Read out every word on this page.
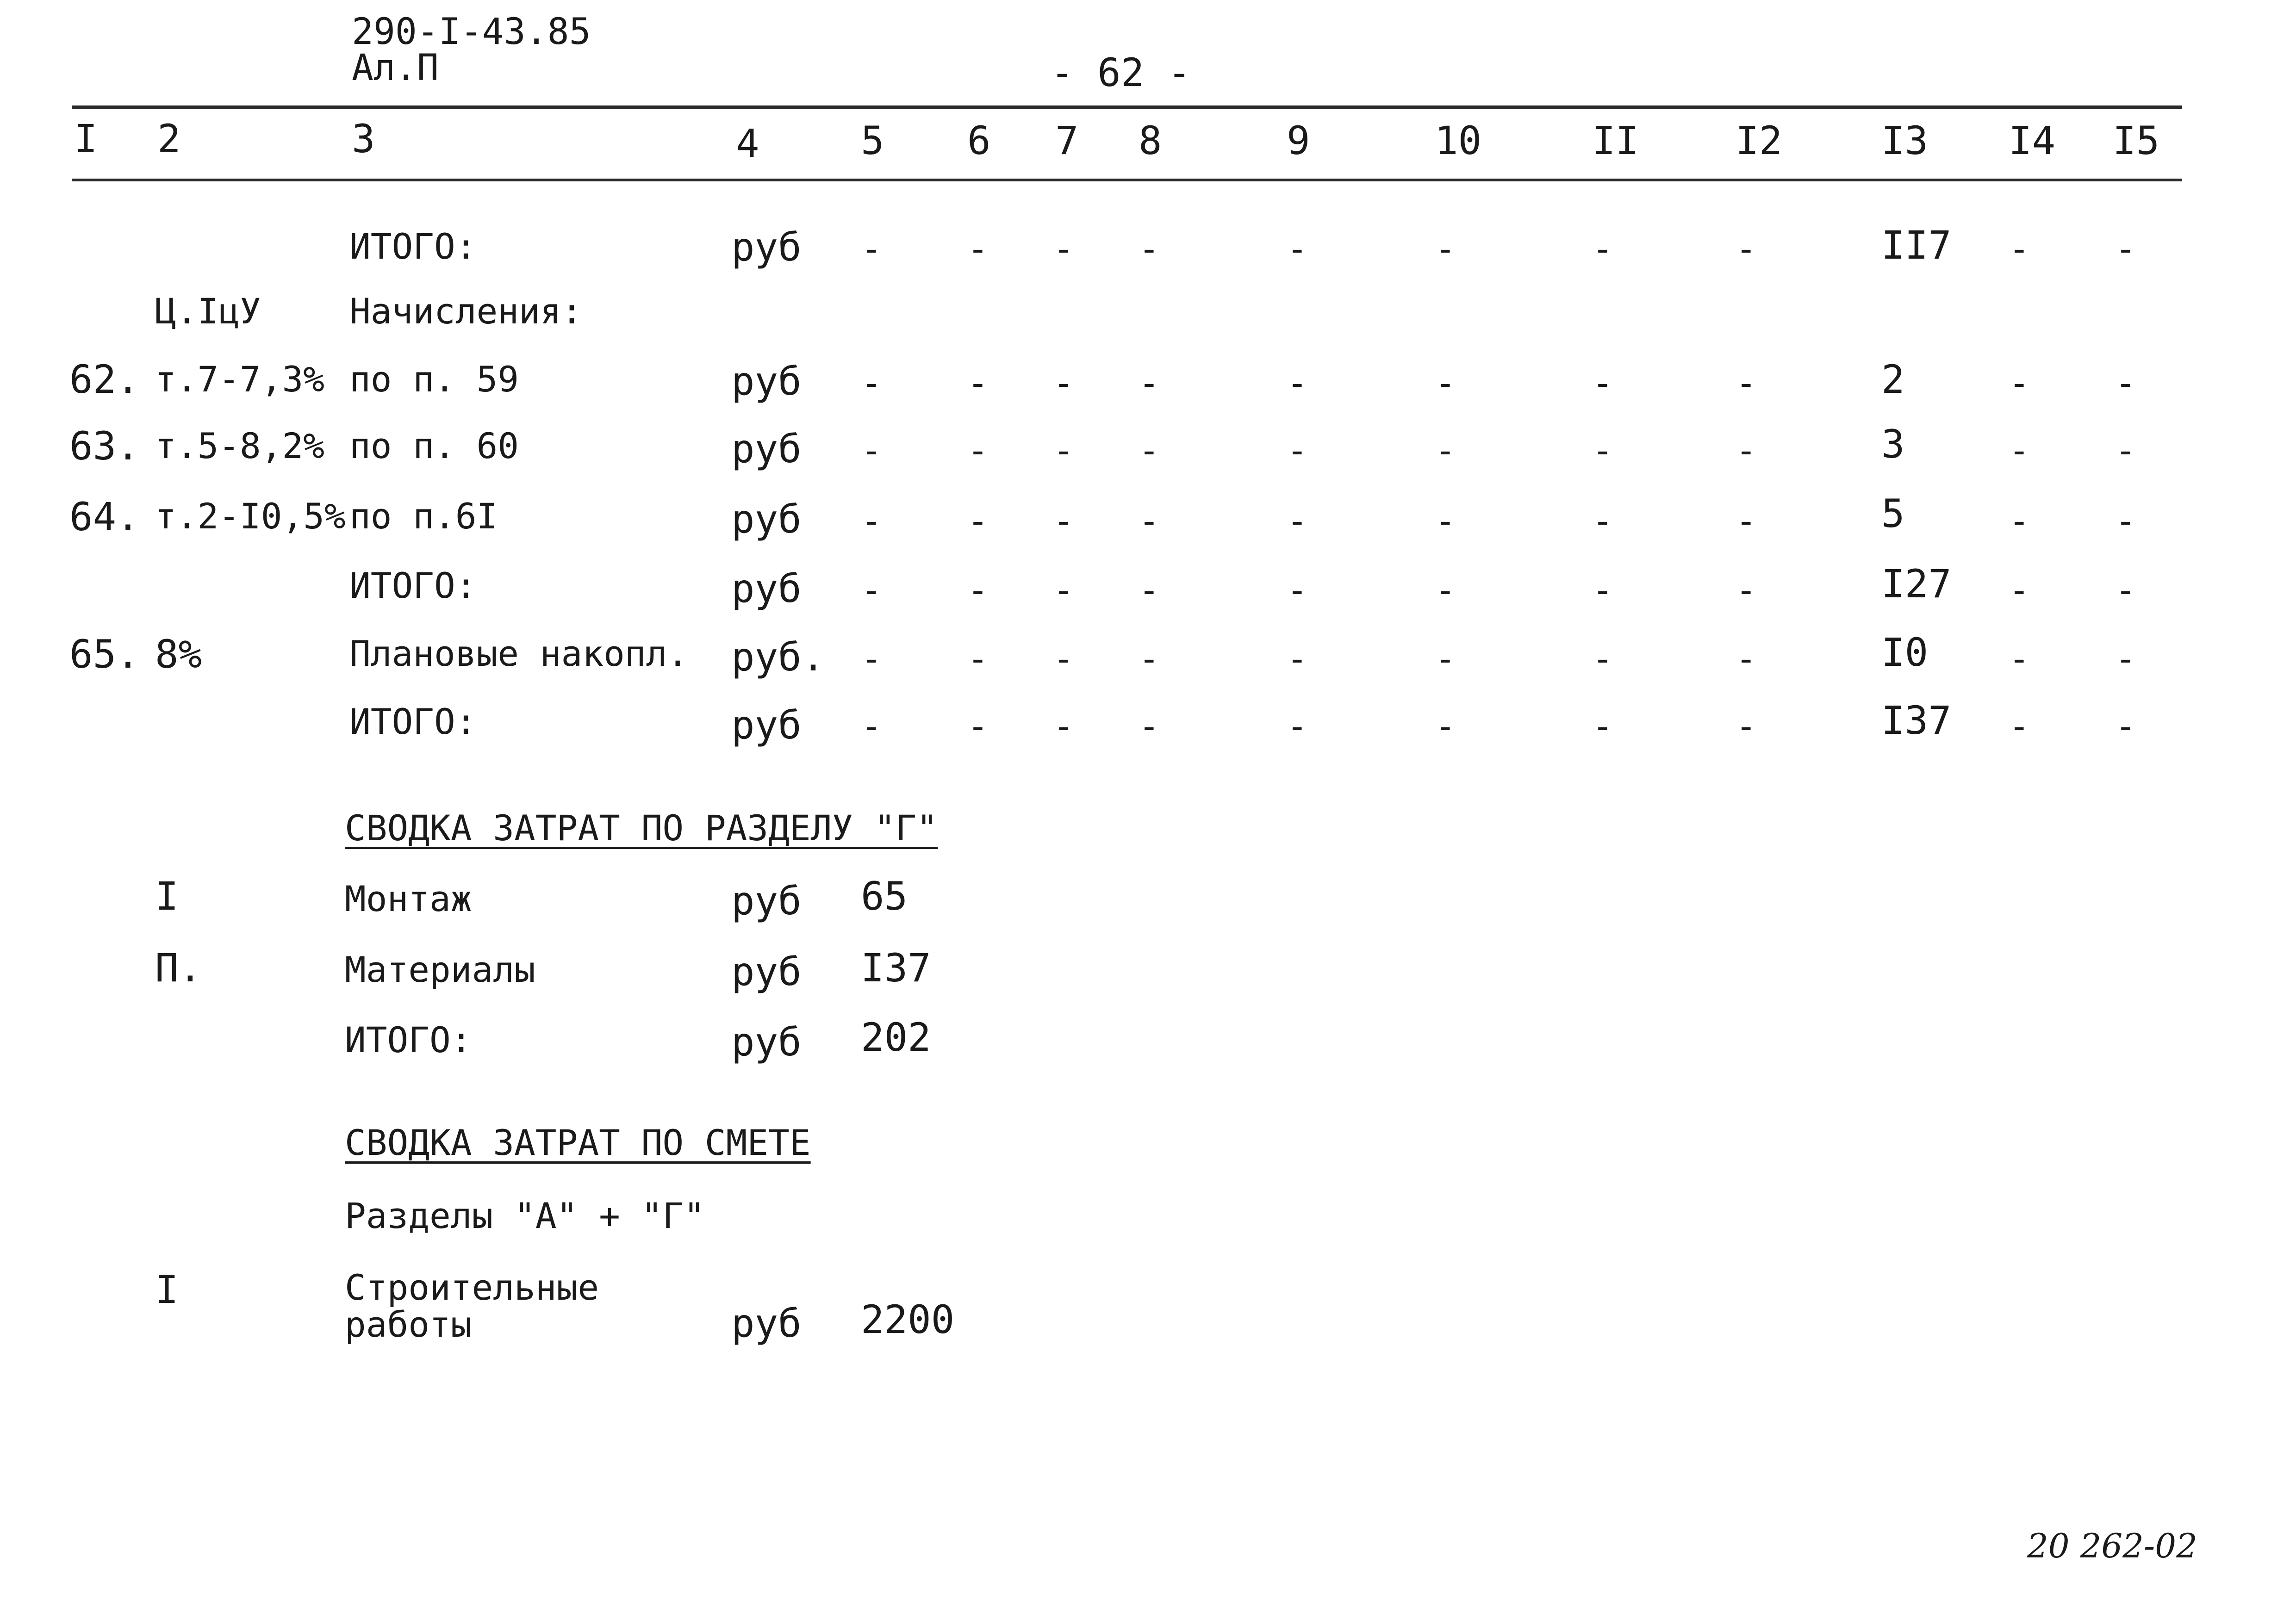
290-I-43.85
Ал.П	- 62 -
I 2	3	4	5 6 7 8	9	10	II I2	I3 I4 I5
ИТОГО:	руб - - - -	-	-	-	-	II7 - -
Ц.IцУ	Начисления:
62. т.7-7,3% по п. 59	руб - - - -	-	-	-	-	2	- -
63. т.5-8,2% по п. 60	руб - - - -	-	-	-	-	3	- -
64. т.2-I0,5% по п.6I	руб - - - -	-	-	-	-	5	- -
ИТОГО:	руб - - - -	-	-	-	-	I27 - -
65. 8%	Плановые накопл. руб. - - - -	-	-	-	-	I0 - -
ИТОГО:	руб - - - -	-	-	-	-	I37 - -
СВОДКА ЗАТРАТ ПО РАЗДЕЛУ "Г"
I	Монтаж	руб 65
П.	Материалы	руб I37
ИТОГО:	руб 202
СВОДКА ЗАТРАТ ПО СМЕТЕ
Разделы "А" + "Г"
I	Строительные
работы	руб 2200
20 262-02
